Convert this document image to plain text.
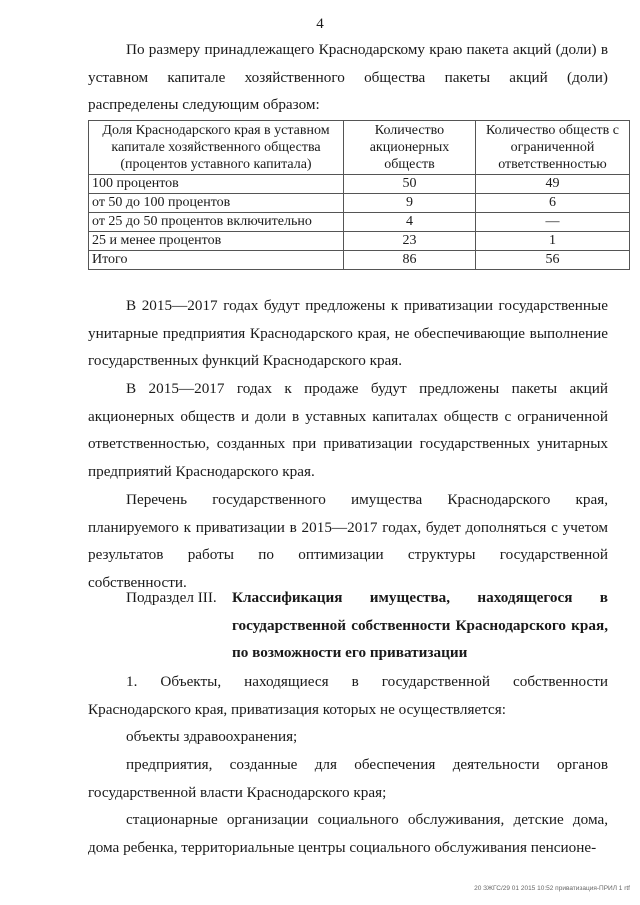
4

По размеру принадлежащего Краснодарскому краю пакета акций (доли) в уставном капитале хозяйственного общества пакеты акций (доли) распределены следующим образом:

Доля Краснодарского края в уставном капитале хозяйственного общества (процентов уставного капитала)	Количество акционерных обществ	Количество обществ с ограниченной ответственностью
100 процентов	50	49
от 50 до 100 процентов	9	6
от 25 до 50 процентов включительно	4	—
25 и менее процентов	23	1
Итого	86	56

В 2015—2017 годах будут предложены к приватизации государственные унитарные предприятия Краснодарского края, не обеспечивающие выполнение государственных функций Краснодарского края.

В 2015—2017 годах к продаже будут предложены пакеты акций акционерных обществ и доли в уставных капиталах обществ с ограниченной ответственностью, созданных при приватизации государственных унитарных предприятий Краснодарского края.

Перечень государственного имущества Краснодарского края, планируемого к приватизации в 2015—2017 годах, будет дополняться с учетом результатов работы по оптимизации структуры государственной собственности.

Подраздел III. Классификация имущества, находящегося в государственной собственности Краснодарского края, по возможности его приватизации

1. Объекты, находящиеся в государственной собственности Краснодарского края, приватизация которых не осуществляется:

объекты здравоохранения;

предприятия, созданные для обеспечения деятельности органов государственной власти Краснодарского края;

стационарные организации социального обслуживания, детские дома, дома ребенка, территориальные центры социального обслуживания пенсионе-

20 ЗЖГС/29 01 2015 10:52 приватизация-ПРИЛ 1 rtf
